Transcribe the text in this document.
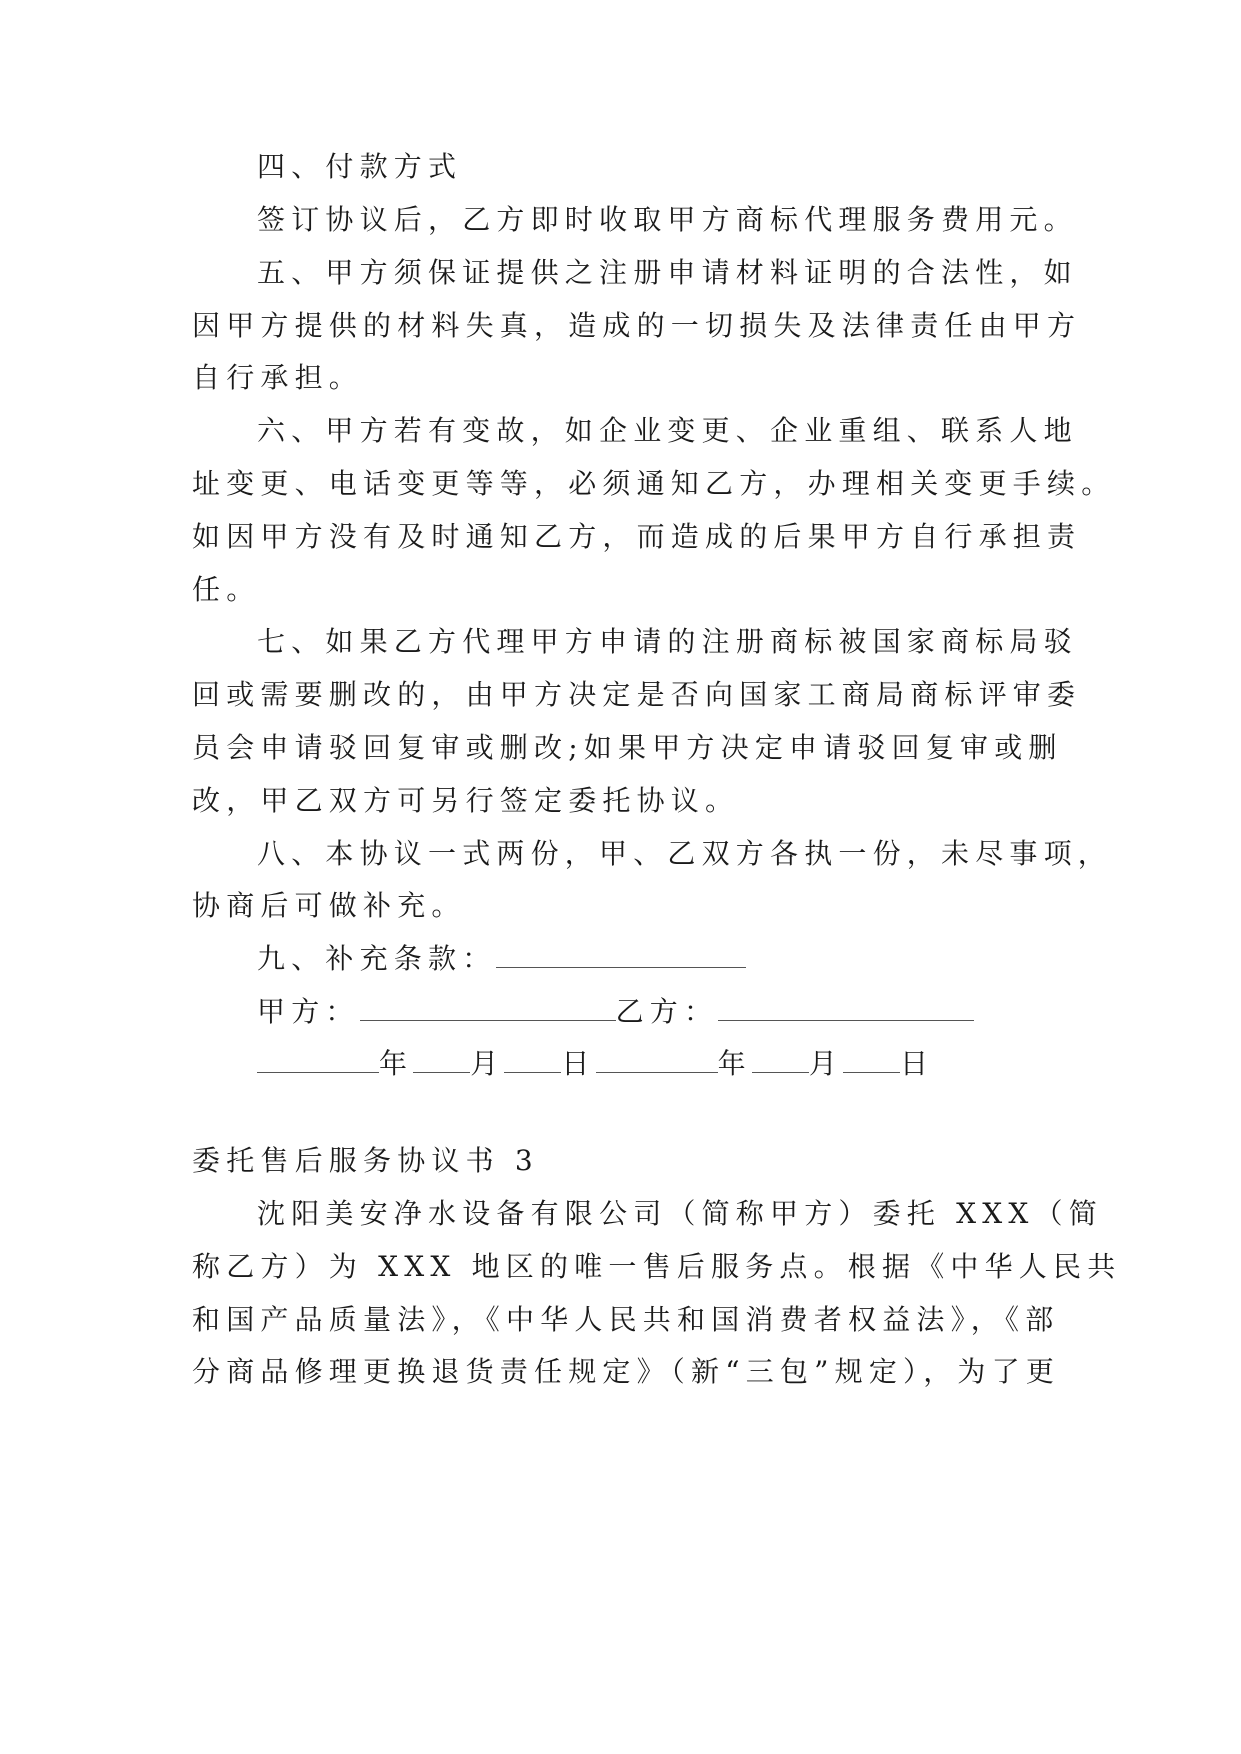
四、付款方式
签订协议后，乙方即时收取甲方商标代理服务费用元。
五、甲方须保证提供之注册申请材料证明的合法性，如
因甲方提供的材料失真，造成的一切损失及法律责任由甲方
自行承担。
六、甲方若有变故，如企业变更、企业重组、联系人地
址变更、电话变更等等，必须通知乙方，办理相关变更手续。
如因甲方没有及时通知乙方，而造成的后果甲方自行承担责
任。
七、如果乙方代理甲方申请的注册商标被国家商标局驳
回或需要删改的，由甲方决定是否向国家工商局商标评审委
员会申请驳回复审或删改;如果甲方决定申请驳回复审或删
改，甲乙双方可另行签定委托协议。
八、本协议一式两份，甲、乙双方各执一份，未尽事项，
协商后可做补充。
九、补充条款：
甲方：	乙方：
年 月 日	年 月 日
委托售后服务协议书 3
沈阳美安净水设备有限公司（简称甲方）委托 XXX（简
称乙方）为 XXX 地区的唯一售后服务点。根据《中华人民共
和国产品质量法》，《中华人民共和国消费者权益法》，《部
分商品修理更换退货责任规定》（新“三包”规定），为了更
